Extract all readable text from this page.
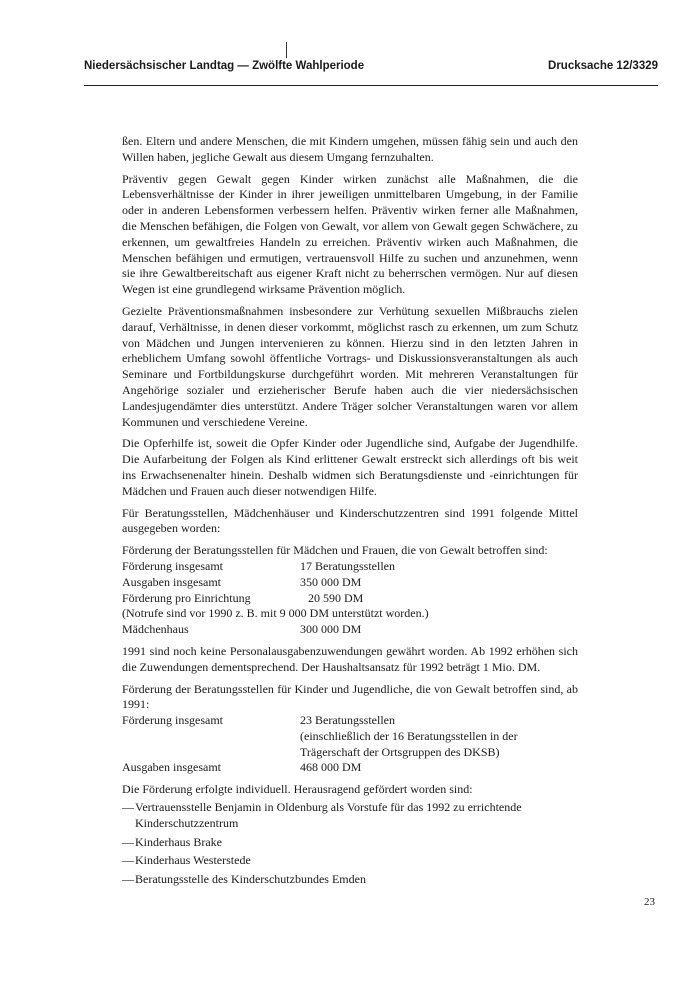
Niedersächsischer Landtag — Zwölfte Wahlperiode	Drucksache 12/3329

ßen. Eltern und andere Menschen, die mit Kindern umgehen, müssen fähig sein und auch den Willen haben, jegliche Gewalt aus diesem Umgang fernzuhalten.

Präventiv gegen Gewalt gegen Kinder wirken zunächst alle Maßnahmen, die die Lebensverhältnisse der Kinder in ihrer jeweiligen unmittelbaren Umgebung, in der Familie oder in anderen Lebensformen verbessern helfen. Präventiv wirken ferner alle Maßnahmen, die Menschen befähigen, die Folgen von Gewalt, vor allem von Gewalt gegen Schwächere, zu erkennen, um gewaltfreies Handeln zu erreichen. Präventiv wirken auch Maßnahmen, die Menschen befähigen und ermutigen, vertrauensvoll Hilfe zu suchen und anzunehmen, wenn sie ihre Gewaltbereitschaft aus eigener Kraft nicht zu beherrschen vermögen. Nur auf diesen Wegen ist eine grundlegend wirksame Prävention möglich.

Gezielte Präventionsmaßnahmen insbesondere zur Verhütung sexuellen Mißbrauchs zielen darauf, Verhältnisse, in denen dieser vorkommt, möglichst rasch zu erkennen, um zum Schutz von Mädchen und Jungen intervenieren zu können. Hierzu sind in den letzten Jahren in erheblichem Umfang sowohl öffentliche Vortrags- und Diskussionsveranstaltungen als auch Seminare und Fortbildungskurse durchgeführt worden. Mit mehreren Veranstaltungen für Angehörige sozialer und erzieherischer Berufe haben auch die vier niedersächsischen Landesjugendämter dies unterstützt. Andere Träger solcher Veranstaltungen waren vor allem Kommunen und verschiedene Vereine.

Die Opferhilfe ist, soweit die Opfer Kinder oder Jugendliche sind, Aufgabe der Jugendhilfe. Die Aufarbeitung der Folgen als Kind erlittener Gewalt erstreckt sich allerdings oft bis weit ins Erwachsenenalter hinein. Deshalb widmen sich Beratungsdienste und -einrichtungen für Mädchen und Frauen auch dieser notwendigen Hilfe.

Für Beratungsstellen, Mädchenhäuser und Kinderschutzzentren sind 1991 folgende Mittel ausgegeben worden:

Förderung der Beratungsstellen für Mädchen und Frauen, die von Gewalt betroffen sind:

Förderung insgesamt	17 Beratungsstellen
Ausgaben insgesamt	350 000 DM
Förderung pro Einrichtung	20 590 DM
(Notrufe sind vor 1990 z. B. mit 9 000 DM unterstützt worden.)
Mädchenhaus	300 000 DM

1991 sind noch keine Personalausgabenzuwendungen gewährt worden. Ab 1992 erhöhen sich die Zuwendungen dementsprechend. Der Haushaltsansatz für 1992 beträgt 1 Mio. DM.

Förderung der Beratungsstellen für Kinder und Jugendliche, die von Gewalt betroffen sind, ab 1991:

Förderung insgesamt	23 Beratungsstellen
(einschließlich der 16 Beratungsstellen in der
Trägerschaft der Ortsgruppen des DKSB)
Ausgaben insgesamt	468 000 DM

Die Förderung erfolgte individuell. Herausragend gefördert worden sind:

— Vertrauensstelle Benjamin in Oldenburg als Vorstufe für das 1992 zu errichtende Kinderschutzzentrum
— Kinderhaus Brake
— Kinderhaus Westerstede
— Beratungsstelle des Kinderschutzbundes Emden
23
